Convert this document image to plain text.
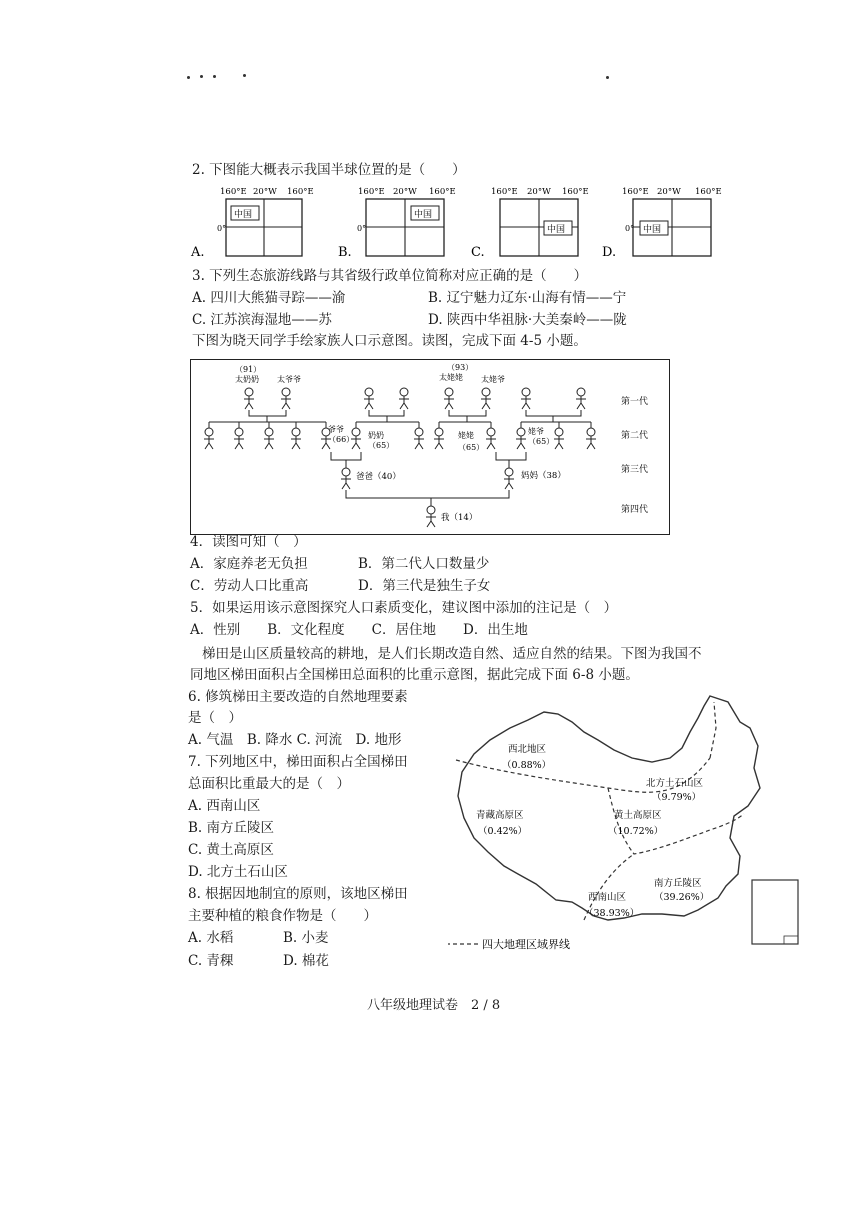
2. 下图能大概表示我国半球位置的是（　　）
160°E 20°W 160°E
0°
中国
A.
160°E 20°W 160°E
0°
中国
B.
160°E 20°W 160°E
中国
C.
160°E 20°W 160°E
0° 中国
D.
3. 下列生态旅游线路与其省级行政单位简称对应正确的是（　　）
A. 四川大熊猫寻踪——渝	B. 辽宁魅力辽东·山海有情——宁
C. 江苏滨海湿地——苏	D. 陕西中华祖脉·大美秦岭——陇
下图为晓天同学手绘家族人口示意图。读图，完成下面 4-5 小题。
（91）
太奶奶 太爷爷
（93）
太姥姥 太姥爷
爷爷
（66） 奶奶
（65）
姥姥
（65）
姥爷
（65）
爸爸（40）	妈妈（38）
我（14）
第一代
第二代
第三代
第四代
4．读图可知（　）
A．家庭养老无负担	B．第二代人口数量少
C．劳动人口比重高	D．第三代是独生子女
5．如果运用该示意图探究人口素质变化，建议图中添加的注记是（　）
A．性别　　B．文化程度　　C．居住地　　D．出生地
梯田是山区质量较高的耕地，是人们长期改造自然、适应自然的结果。下图为我国不
同地区梯田面积占全国梯田总面积的比重示意图，据此完成下面 6-8 小题。
6. 修筑梯田主要改造的自然地理要素
是（　）
A. 气温　B. 降水 C. 河流　D. 地形
7. 下列地区中，梯田面积占全国梯田
总面积比重最大的是（　）
A. 西南山区
B. 南方丘陵区
C. 黄土高原区
D. 北方土石山区
8. 根据因地制宜的原则，该地区梯田
主要种植的粮食作物是（　　）
A. 水稻	B. 小麦
C. 青稞	D. 棉花
西北地区
（0.88%）
北方土石山区
（9.79%）
青藏高原区
（0.42%）
黄土高原区
（10.72%）
西南山区
（38.93%）
南方丘陵区
（39.26%）
四大地理区域界线
八年级地理试卷　2 / 8
